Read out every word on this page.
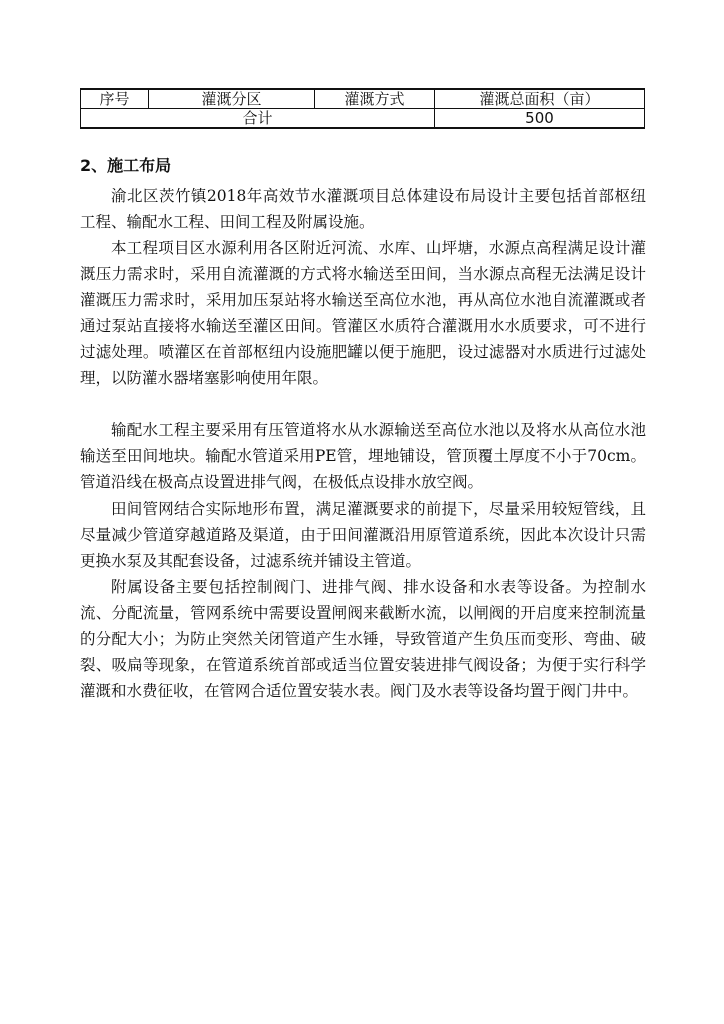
序号	灌溉分区	灌溉方式	灌溉总面积（亩）
合计			500
2、施工布局

渝北区茨竹镇2018年高效节水灌溉项目总体建设布局设计主要包括首部枢纽工程、输配水工程、田间工程及附属设施。

本工程项目区水源利用各区附近河流、水库、山坪塘，水源点高程满足设计灌溉压力需求时，采用自流灌溉的方式将水输送至田间，当水源点高程无法满足设计灌溉压力需求时，采用加压泵站将水输送至高位水池，再从高位水池自流灌溉或者通过泵站直接将水输送至灌区田间。管灌区水质符合灌溉用水水质要求，可不进行过滤处理。喷灌区在首部枢纽内设施肥罐以便于施肥，设过滤器对水质进行过滤处理，以防灌水器堵塞影响使用年限。

输配水工程主要采用有压管道将水从水源输送至高位水池以及将水从高位水池输送至田间地块。输配水管道采用PE管，埋地铺设，管顶覆土厚度不小于70cm。管道沿线在极高点设置进排气阀，在极低点设排水放空阀。

田间管网结合实际地形布置，满足灌溉要求的前提下，尽量采用较短管线，且尽量减少管道穿越道路及渠道，由于田间灌溉沿用原管道系统，因此本次设计只需更换水泵及其配套设备，过滤系统并铺设主管道。

附属设备主要包括控制阀门、进排气阀、排水设备和水表等设备。为控制水流、分配流量，管网系统中需要设置闸阀来截断水流，以闸阀的开启度来控制流量的分配大小；为防止突然关闭管道产生水锤，导致管道产生负压而变形、弯曲、破裂、吸扁等现象，在管道系统首部或适当位置安装进排气阀设备；为便于实行科学灌溉和水费征收，在管网合适位置安装水表。阀门及水表等设备均置于阀门井中。
